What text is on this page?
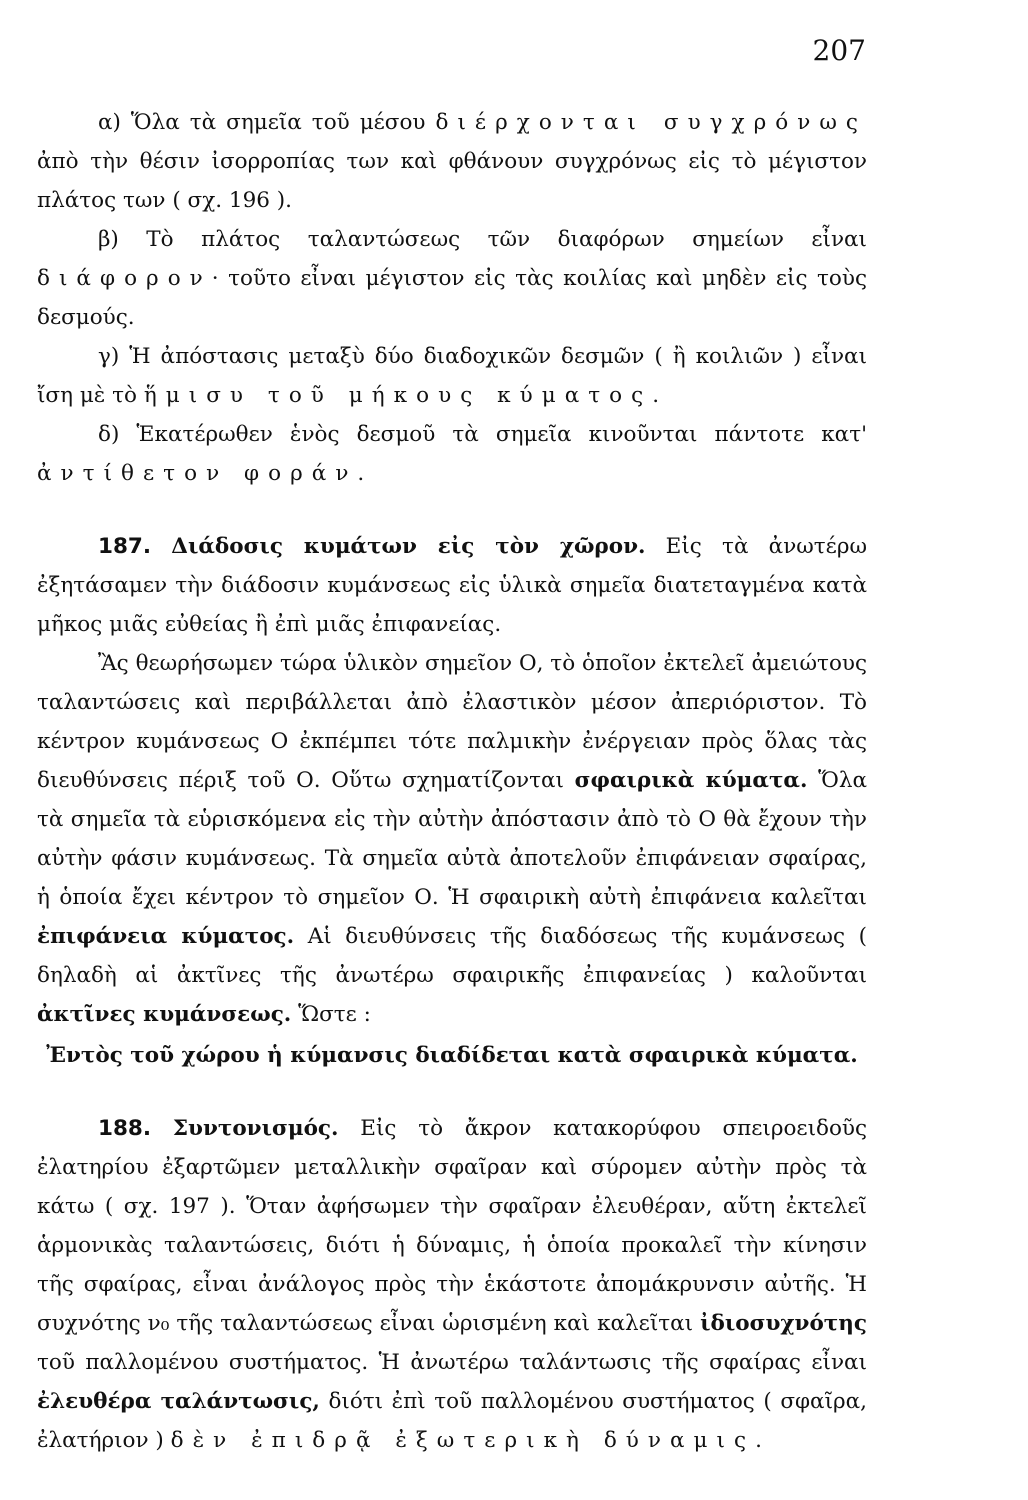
207

α) Ὅλα τὰ σημεῖα τοῦ μέσου διέρχονται συγχρόνως ἀπὸ τὴν θέσιν ἰσορροπίας των καὶ φθάνουν συγχρόνως εἰς τὸ μέγιστον πλάτος των ( σχ. 196 ).

β) Τὸ πλάτος ταλαντώσεως τῶν διαφόρων σημείων εἶναι διάφορον· τοῦτο εἶναι μέγιστον εἰς τὰς κοιλίας καὶ μηδὲν εἰς τοὺς δεσμούς.

γ) Ἡ ἀπόστασις μεταξὺ δύο διαδοχικῶν δεσμῶν ( ἢ κοιλιῶν ) εἶναι ἴση μὲ τὸ ἥμισυ τοῦ μήκους κύματος.

δ) Ἑκατέρωθεν ἑνὸς δεσμοῦ τὰ σημεῖα κινοῦνται πάντοτε κατ' ἀντίθετον φοράν.

187. Διάδοσις κυμάτων εἰς τὸν χῶρον. Εἰς τὰ ἀνωτέρω ἐξητάσαμεν τὴν διάδοσιν κυμάνσεως εἰς ὑλικὰ σημεῖα διατεταγμένα κατὰ μῆκος μιᾶς εὐθείας ἢ ἐπὶ μιᾶς ἐπιφανείας.

Ἂς θεωρήσωμεν τώρα ὑλικὸν σημεῖον Ο, τὸ ὁποῖον ἐκτελεῖ ἀμειώτους ταλαντώσεις καὶ περιβάλλεται ἀπὸ ἐλαστικὸν μέσον ἀπεριόριστον. Τὸ κέντρον κυμάνσεως Ο ἐκπέμπει τότε παλμικὴν ἐνέργειαν πρὸς ὅλας τὰς διευθύνσεις πέριξ τοῦ Ο. Οὕτω σχηματίζονται σφαιρικὰ κύματα. Ὅλα τὰ σημεῖα τὰ εὑρισκόμενα εἰς τὴν αὐτὴν ἀπόστασιν ἀπὸ τὸ Ο θὰ ἔχουν τὴν αὐτὴν φάσιν κυμάνσεως. Τὰ σημεῖα αὐτὰ ἀποτελοῦν ἐπιφάνειαν σφαίρας, ἡ ὁποία ἔχει κέντρον τὸ σημεῖον Ο. Ἡ σφαιρικὴ αὐτὴ ἐπιφάνεια καλεῖται ἐπιφάνεια κύματος. Αἱ διευθύνσεις τῆς διαδόσεως τῆς κυμάνσεως ( δηλαδὴ αἱ ἀκτῖνες τῆς ἀνωτέρω σφαιρικῆς ἐπιφανείας ) καλοῦνται ἀκτῖνες κυμάνσεως. Ὥστε :

Ἐντὸς τοῦ χώρου ἡ κύμανσις διαδίδεται κατὰ σφαιρικὰ κύματα.

188. Συντονισμός. Εἰς τὸ ἄκρον κατακορύφου σπειροειδοῦς ἐλατηρίου ἐξαρτῶμεν μεταλλικὴν σφαῖραν καὶ σύρομεν αὐτὴν πρὸς τὰ κάτω ( σχ. 197 ). Ὅταν ἀφήσωμεν τὴν σφαῖραν ἐλευθέραν, αὕτη ἐκτελεῖ ἁρμονικὰς ταλαντώσεις, διότι ἡ δύναμις, ἡ ὁποία προκαλεῖ τὴν κίνησιν τῆς σφαίρας, εἶναι ἀνάλογος πρὸς τὴν ἑκάστοτε ἀπομάκρυνσιν αὐτῆς. Ἡ συχνότης ν₀ τῆς ταλαντώσεως εἶναι ὡρισμένη καὶ καλεῖται ἰδιοσυχνότης τοῦ παλλομένου συστήματος. Ἡ ἀνωτέρω ταλάντωσις τῆς σφαίρας εἶναι ἐλευθέρα ταλάντωσις, διότι ἐπὶ τοῦ παλλομένου συστήματος ( σφαῖρα, ἐλατήριον ) δὲν ἐπιδρᾷ ἐξωτερικὴ δύναμις.
